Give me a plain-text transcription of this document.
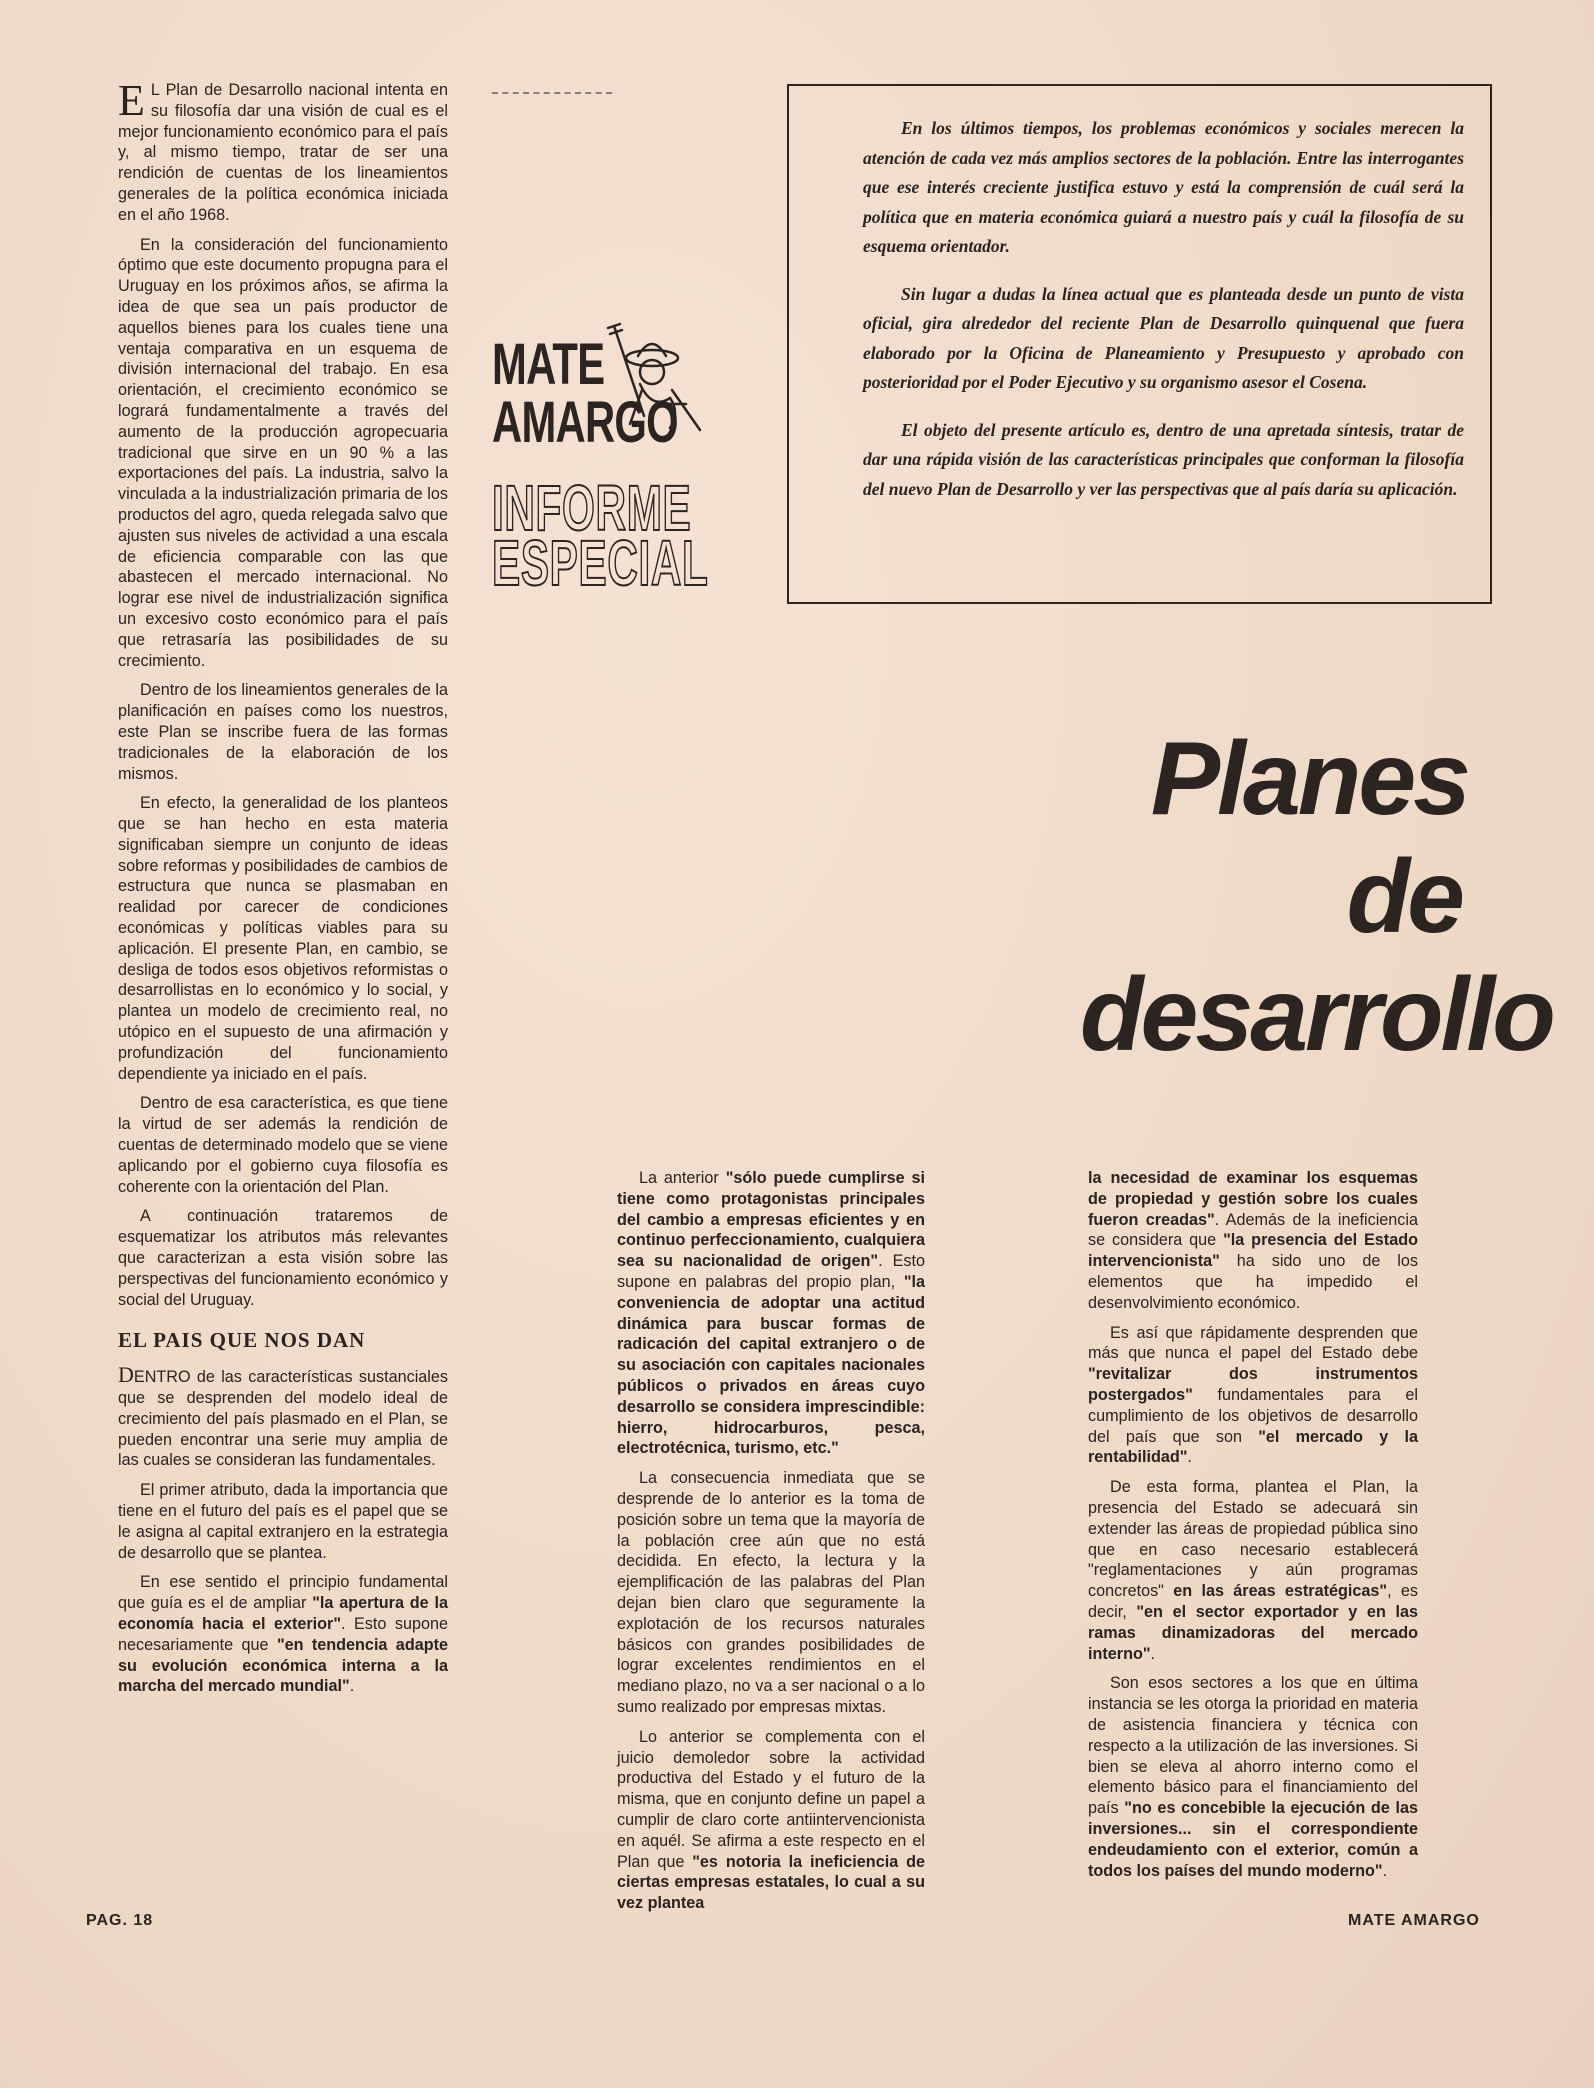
E L Plan de Desarrollo nacional intenta en su filosofía dar una visión de cual es el mejor funcionamiento económico para el país y, al mismo tiempo, tratar de ser una rendición de cuentas de los lineamientos generales de la política económica iniciada en el año 1968.

En la consideración del funcionamiento óptimo que este documento propugna para el Uruguay en los próximos años, se afirma la idea de que sea un país productor de aquellos bienes para los cuales tiene una ventaja comparativa en un esquema de división internacional del trabajo. En esa orientación, el crecimiento económico se logrará fundamentalmente a través del aumento de la producción agropecuaria tradicional que sirve en un 90 % a las exportaciones del país. La industria, salvo la vinculada a la industrialización primaria de los productos del agro, queda relegada salvo que ajusten sus niveles de actividad a una escala de eficiencia comparable con las que abastecen el mercado internacional. No lograr ese nivel de industrialización significa un excesivo costo económico para el país que retrasaría las posibilidades de su crecimiento.

Dentro de los lineamientos generales de la planificación en países como los nuestros, este Plan se inscribe fuera de las formas tradicionales de la elaboración de los mismos.

En efecto, la generalidad de los planteos que se han hecho en esta materia significaban siempre un conjunto de ideas sobre reformas y posibilidades de cambios de estructura que nunca se plasmaban en realidad por carecer de condiciones económicas y políticas viables para su aplicación. El presente Plan, en cambio, se desliga de todos esos objetivos reformistas o desarrollistas en lo económico y lo social, y plantea un modelo de crecimiento real, no utópico en el supuesto de una afirmación y profundización del funcionamiento dependiente ya iniciado en el país.

Dentro de esa característica, es que tiene la virtud de ser además la rendición de cuentas de determinado modelo que se viene aplicando por el gobierno cuya filosofía es coherente con la orientación del Plan.

A continuación trataremos de esquematizar los atributos más relevantes que caracterizan a esta visión sobre las perspectivas del funcionamiento económico y social del Uruguay.

EL PAIS QUE NOS DAN

DENTRO de las características sustanciales que se desprenden del modelo ideal de crecimiento del país plasmado en el Plan, se pueden encontrar una serie muy amplia de las cuales se consideran las fundamentales.

El primer atributo, dada la importancia que tiene en el futuro del país es el papel que se le asigna al capital extranjero en la estrategia de desarrollo que se plantea.

En ese sentido el principio fundamental que guía es el de ampliar "la apertura de la economía hacia el exterior". Esto supone necesariamente que "en tendencia adapte su evolución económica interna a la marcha del mercado mundial".

MATE
AMARGO
INFORME
ESPECIAL

En los últimos tiempos, los problemas económicos y sociales merecen la atención de cada vez más amplios sectores de la población. Entre las interrogantes que ese interés creciente justifica estuvo y está la comprensión de cuál será la política que en materia económica guiará a nuestro país y cuál la filosofía de su esquema orientador.

Sin lugar a dudas la línea actual que es planteada desde un punto de vista oficial, gira alrededor del reciente Plan de Desarrollo quinquenal que fuera elaborado por la Oficina de Planeamiento y Presupuesto y aprobado con posterioridad por el Poder Ejecutivo y su organismo asesor el Cosena.

El objeto del presente artículo es, dentro de una apretada síntesis, tratar de dar una rápida visión de las características principales que conforman la filosofía del nuevo Plan de Desarrollo y ver las perspectivas que al país daría su aplicación.

Planes
de
desarrollo

La anterior "sólo puede cumplirse si tiene como protagonistas principales del cambio a empresas eficientes y en continuo perfeccionamiento, cualquiera sea su nacionalidad de origen". Esto supone en palabras del propio plan, "la conveniencia de adoptar una actitud dinámica para buscar formas de radicación del capital extranjero o de su asociación con capitales nacionales públicos o privados en áreas cuyo desarrollo se considera imprescindible: hierro, hidrocarburos, pesca, electrotécnica, turismo, etc."

La consecuencia inmediata que se desprende de lo anterior es la toma de posición sobre un tema que la mayoría de la población cree aún que no está decidida. En efecto, la lectura y la ejemplificación de las palabras del Plan dejan bien claro que seguramente la explotación de los recursos naturales básicos con grandes posibilidades de lograr excelentes rendimientos en el mediano plazo, no va a ser nacional o a lo sumo realizado por empresas mixtas.

Lo anterior se complementa con el juicio demoledor sobre la actividad productiva del Estado y el futuro de la misma, que en conjunto define un papel a cumplir de claro corte antiintervencionista en aquél. Se afirma a este respecto en el Plan que "es notoria la ineficiencia de ciertas empresas estatales, lo cual a su vez plantea

la necesidad de examinar los esquemas de propiedad y gestión sobre los cuales fueron creadas". Además de la ineficiencia se considera que "la presencia del Estado intervencionista" ha sido uno de los elementos que ha impedido el desenvolvimiento económico.

Es así que rápidamente desprenden que más que nunca el papel del Estado debe "revitalizar dos instrumentos postergados" fundamentales para el cumplimiento de los objetivos de desarrollo del país que son "el mercado y la rentabilidad".

De esta forma, plantea el Plan, la presencia del Estado se adecuará sin extender las áreas de propiedad pública sino que en caso necesario establecerá "reglamentaciones y aún programas concretos" en las áreas estratégicas", es decir, "en el sector exportador y en las ramas dinamizadoras del mercado interno".

Son esos sectores a los que en última instancia se les otorga la prioridad en materia de asistencia financiera y técnica con respecto a la utilización de las inversiones. Si bien se eleva al ahorro interno como el elemento básico para el financiamiento del país "no es concebible la ejecución de las inversiones... sin el correspondiente endeudamiento con el exterior, común a todos los países del mundo moderno".

PAG. 18	MATE AMARGO
